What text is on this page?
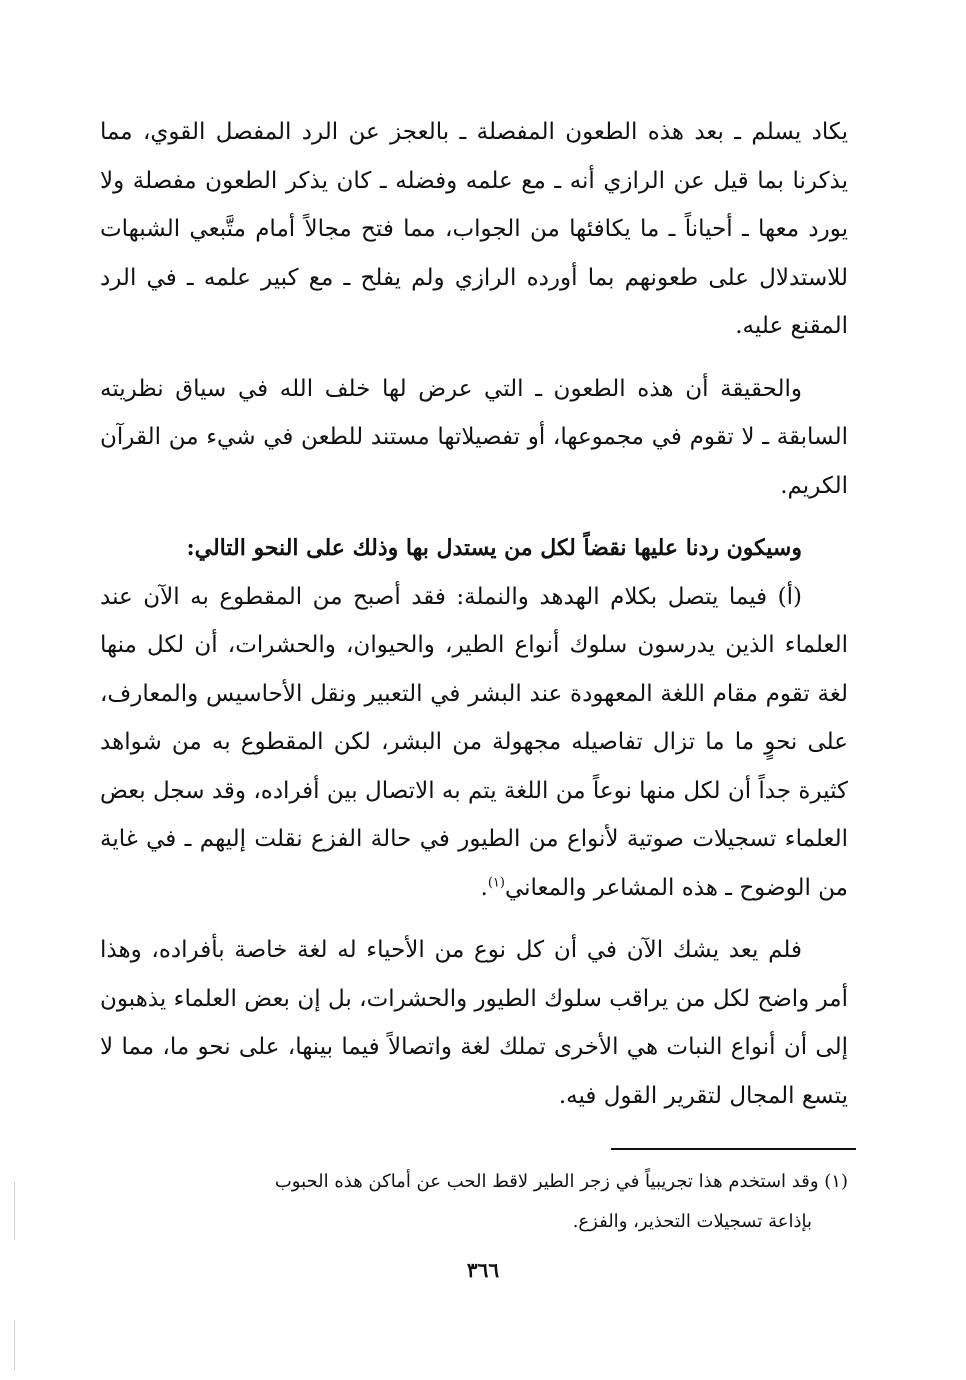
يكاد يسلم ـ بعد هذه الطعون المفصلة ـ بالعجز عن الرد المفصل القوي، مما يذكرنا بما قيل عن الرازي أنه ـ مع علمه وفضله ـ كان يذكر الطعون مفصلة ولا يورد معها ـ أحياناً ـ ما يكافئها من الجواب، مما فتح مجالاً أمام متَّبعي الشبهات للاستدلال على طعونهم بما أورده الرازي ولم يفلح ـ مع كبير علمه ـ في الرد المقنع عليه.

والحقيقة أن هذه الطعون ـ التي عرض لها خلف الله في سياق نظريته السابقة ـ لا تقوم في مجموعها، أو تفصيلاتها مستند للطعن في شيء من القرآن الكريم.

وسيكون ردنا عليها نقضاً لكل من يستدل بها وذلك على النحو التالي:

(أ) فيما يتصل بكلام الهدهد والنملة: فقد أصبح من المقطوع به الآن عند العلماء الذين يدرسون سلوك أنواع الطير، والحيوان، والحشرات، أن لكل منها لغة تقوم مقام اللغة المعهودة عند البشر في التعبير ونقل الأحاسيس والمعارف، على نحوٍ ما ما تزال تفاصيله مجهولة من البشر، لكن المقطوع به من شواهد كثيرة جداً أن لكل منها نوعاً من اللغة يتم به الاتصال بين أفراده، وقد سجل بعض العلماء تسجيلات صوتية لأنواع من الطيور في حالة الفزع نقلت إليهم ـ في غاية من الوضوح ـ هذه المشاعر والمعاني$^{(١)}$.

فلم يعد يشك الآن في أن كل نوع من الأحياء له لغة خاصة بأفراده، وهذا أمر واضح لكل من يراقب سلوك الطيور والحشرات، بل إن بعض العلماء يذهبون إلى أن أنواع النبات هي الأخرى تملك لغة واتصالاً فيما بينها، على نحو ما، مما لا يتسع المجال لتقرير القول فيه.

(١) وقد استخدم هذا تجريبياً في زجر الطير لاقط الحب عن أماكن هذه الحبوب
بإذاعة تسجيلات التحذير، والفزع.
٣٦٦
